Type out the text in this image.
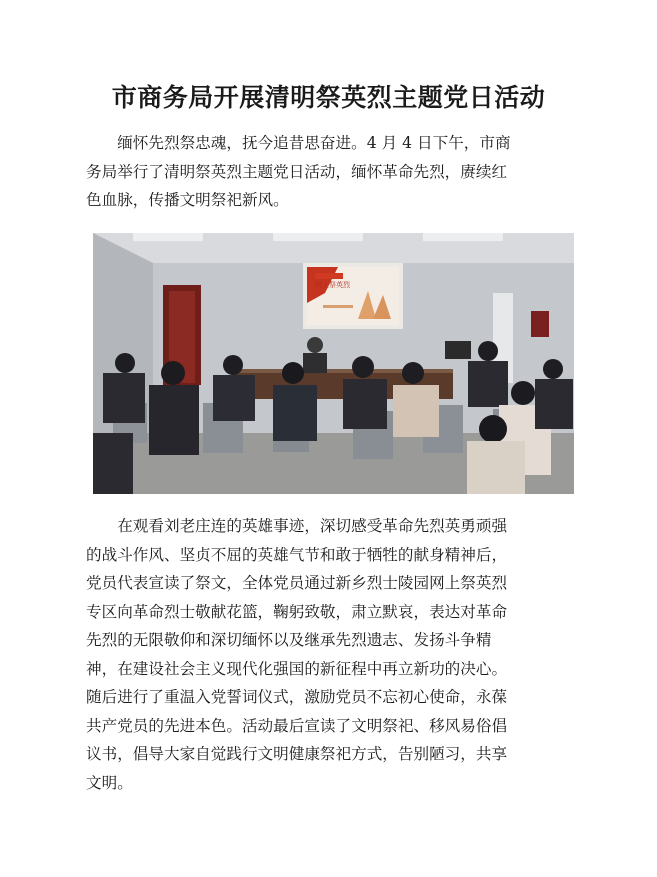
市商务局开展清明祭英烈主题党日活动
缅怀先烈祭忠魂，抚今追昔思奋进。4 月 4 日下午，市商
务局举行了清明祭英烈主题党日活动，缅怀革命先烈，赓续红
色血脉，传播文明祭祀新风。
网上祭英烈
在观看刘老庄连的英雄事迹，深切感受革命先烈英勇顽强
的战斗作风、坚贞不屈的英雄气节和敢于牺牲的献身精神后，
党员代表宣读了祭文，全体党员通过新乡烈士陵园网上祭英烈
专区向革命烈士敬献花篮，鞠躬致敬，肃立默哀，表达对革命
先烈的无限敬仰和深切缅怀以及继承先烈遗志、发扬斗争精
神，在建设社会主义现代化强国的新征程中再立新功的决心。
随后进行了重温入党誓词仪式，激励党员不忘初心使命，永葆
共产党员的先进本色。活动最后宣读了文明祭祀、移风易俗倡
议书，倡导大家自觉践行文明健康祭祀方式，告别陋习，共享
文明。
